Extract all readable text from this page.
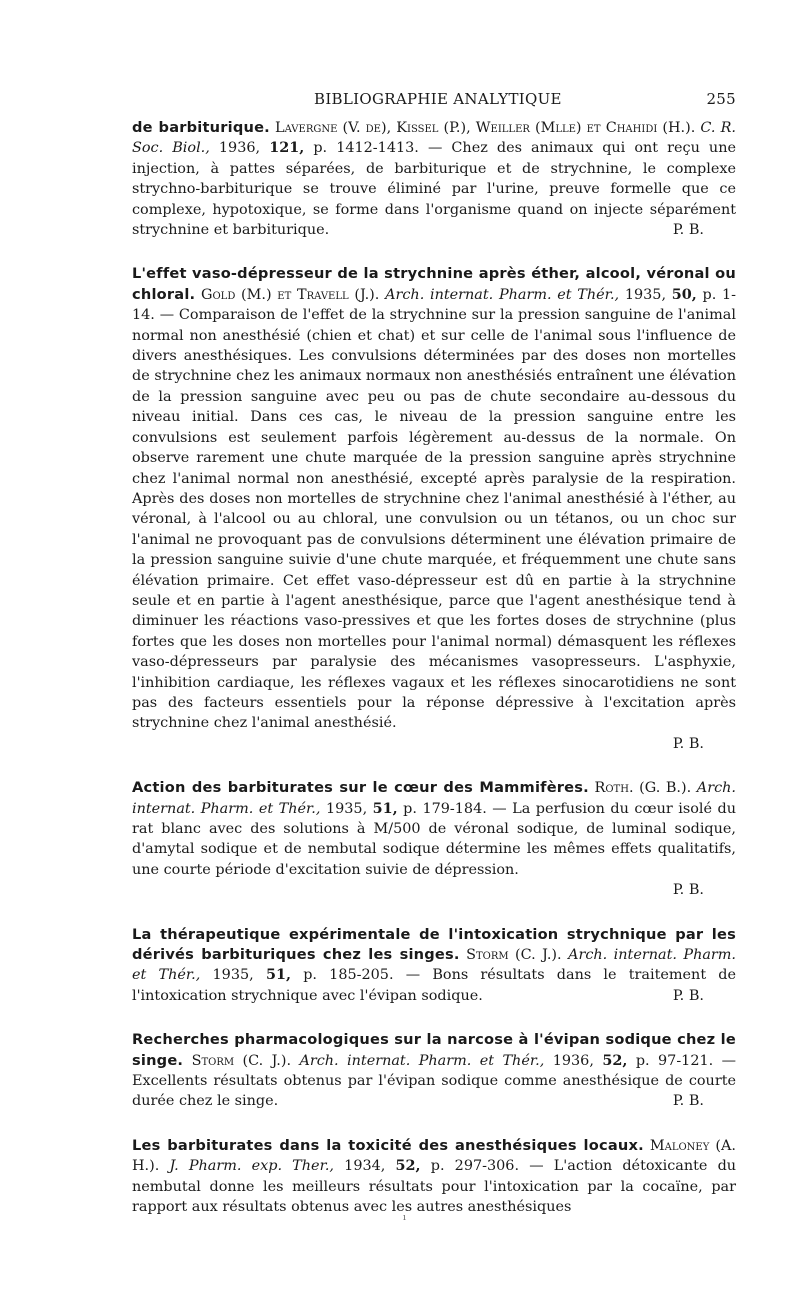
BIBLIOGRAPHIE ANALYTIQUE	255

de barbiturique. Lavergne (V. de), Kissel (P.), Weiller (Mlle) et Chahidi (H.). C. R. Soc. Biol., 1936, 121, p. 1412-1413. — Chez des animaux qui ont reçu une injection, à pattes séparées, de barbiturique et de strychnine, le complexe strychno-barbiturique se trouve éliminé par l'urine, preuve formelle que ce complexe, hypotoxique, se forme dans l'organisme quand on injecte séparément strychnine et barbiturique.	P. B.

L'effet vaso-dépresseur de la strychnine après éther, alcool, véronal ou chloral. Gold (M.) et Travell (J.). Arch. internat. Pharm. et Thér., 1935, 50, p. 1-14. — Comparaison de l'effet de la strychnine sur la pression sanguine de l'animal normal non anesthésié (chien et chat) et sur celle de l'animal sous l'influence de divers anesthésiques. Les convulsions déterminées par des doses non mortelles de strychnine chez les animaux normaux non anesthésiés entraînent une élévation de la pression sanguine avec peu ou pas de chute secondaire au-dessous du niveau initial. Dans ces cas, le niveau de la pression sanguine entre les convulsions est seulement parfois légèrement au-dessus de la normale. On observe rarement une chute marquée de la pression sanguine après strychnine chez l'animal normal non anesthésié, excepté après paralysie de la respiration. Après des doses non mortelles de strychnine chez l'animal anesthésié à l'éther, au véronal, à l'alcool ou au chloral, une convulsion ou un tétanos, ou un choc sur l'animal ne provoquant pas de convulsions déterminent une élévation primaire de la pression sanguine suivie d'une chute marquée, et fréquemment une chute sans élévation primaire. Cet effet vaso-dépresseur est dû en partie à la strychnine seule et en partie à l'agent anesthésique, parce que l'agent anesthésique tend à diminuer les réactions vaso-pressives et que les fortes doses de strychnine (plus fortes que les doses non mortelles pour l'animal normal) démasquent les réflexes vaso-dépresseurs par paralysie des mécanismes vasopresseurs. L'asphyxie, l'inhibition cardiaque, les réflexes vagaux et les réflexes sinocarotidiens ne sont pas des facteurs essentiels pour la réponse dépressive à l'excitation après strychnine chez l'animal anesthésié.
P. B.

Action des barbiturates sur le cœur des Mammifères. Roth. (G. B.). Arch. internat. Pharm. et Thér., 1935, 51, p. 179-184. — La perfusion du cœur isolé du rat blanc avec des solutions à M/500 de véronal sodique, de luminal sodique, d'amytal sodique et de nembutal sodique détermine les mêmes effets qualitatifs, une courte période d'excitation suivie de dépression.
P. B.

La thérapeutique expérimentale de l'intoxication strychnique par les dérivés barbituriques chez les singes. Storm (C. J.). Arch. internat. Pharm. et Thér., 1935, 51, p. 185-205. — Bons résultats dans le traitement de l'intoxication strychnique avec l'évipan sodique.	P. B.

Recherches pharmacologiques sur la narcose à l'évipan sodique chez le singe. Storm (C. J.). Arch. internat. Pharm. et Thér., 1936, 52, p. 97-121. — Excellents résultats obtenus par l'évipan sodique comme anesthésique de courte durée chez le singe.	P. B.

Les barbiturates dans la toxicité des anesthésiques locaux. Maloney (A. H.). J. Pharm. exp. Ther., 1934, 52, p. 297-306. — L'action détoxicante du nembutal donne les meilleurs résultats pour l'intoxication par la cocaïne, par rapport aux résultats obtenus avec les autres anesthésiques

ı
